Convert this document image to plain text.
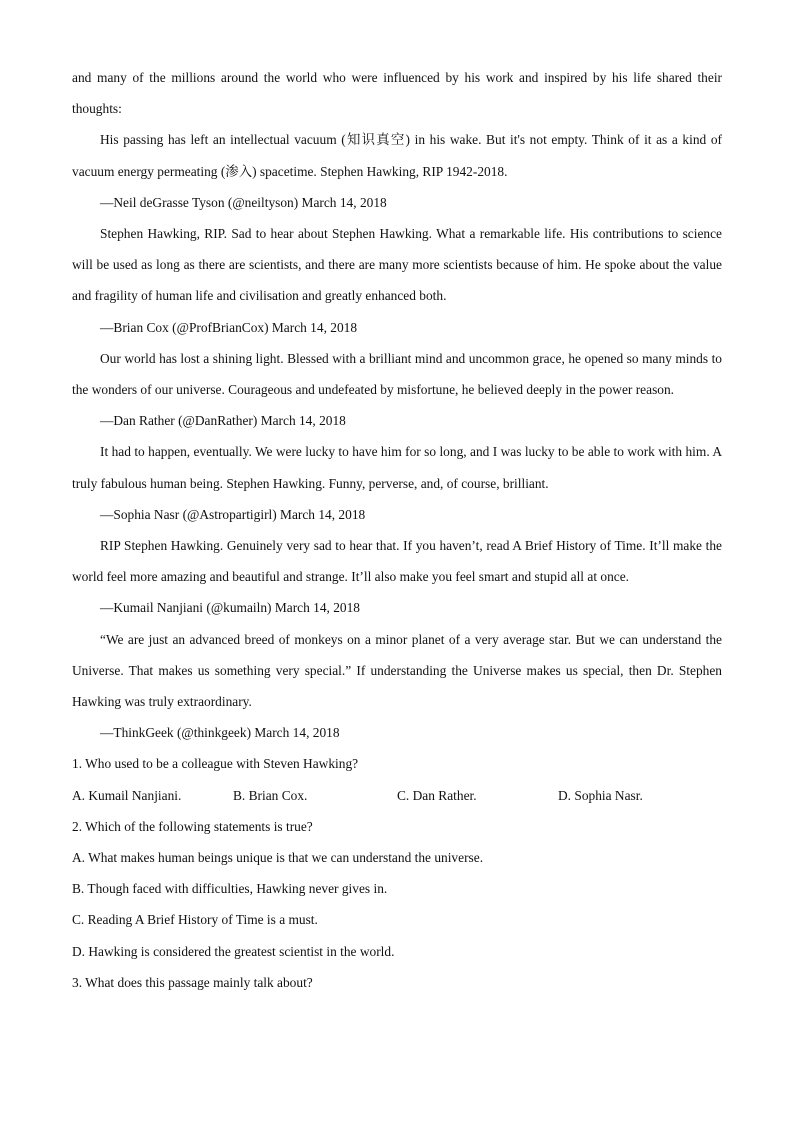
and many of the millions around the world who were influenced by his work and inspired by his life shared their thoughts:

His passing has left an intellectual vacuum (知识真空) in his wake. But it's not empty. Think of it as a kind of vacuum energy permeating (渗入) spacetime. Stephen Hawking, RIP 1942-2018.

—Neil deGrasse Tyson (@neiltyson) March 14, 2018

Stephen Hawking, RIP. Sad to hear about Stephen Hawking. What a remarkable life. His contributions to science will be used as long as there are scientists, and there are many more scientists because of him. He spoke about the value and fragility of human life and civilisation and greatly enhanced both.

—Brian Cox (@ProfBrianCox) March 14, 2018

Our world has lost a shining light. Blessed with a brilliant mind and uncommon grace, he opened so many minds to the wonders of our universe. Courageous and undefeated by misfortune, he believed deeply in the power reason.

—Dan Rather (@DanRather) March 14, 2018

It had to happen, eventually. We were lucky to have him for so long, and I was lucky to be able to work with him. A truly fabulous human being. Stephen Hawking. Funny, perverse, and, of course, brilliant.

—Sophia Nasr (@Astropartigirl) March 14, 2018

RIP Stephen Hawking. Genuinely very sad to hear that. If you haven’t, read A Brief History of Time. It’ll make the world feel more amazing and beautiful and strange. It’ll also make you feel smart and stupid all at once.

—Kumail Nanjiani (@kumailn) March 14, 2018

“We are just an advanced breed of monkeys on a minor planet of a very average star. But we can understand the Universe. That makes us something very special.” If understanding the Universe makes us special, then Dr. Stephen Hawking was truly extraordinary.

—ThinkGeek (@thinkgeek) March 14, 2018

1. Who used to be a colleague with Steven Hawking?

A. Kumail Nanjiani.	B. Brian Cox.	C. Dan Rather.	D. Sophia Nasr.

2. Which of the following statements is true?

A. What makes human beings unique is that we can understand the universe.

B. Though faced with difficulties, Hawking never gives in.

C. Reading A Brief History of Time is a must.

D. Hawking is considered the greatest scientist in the world.

3. What does this passage mainly talk about?
